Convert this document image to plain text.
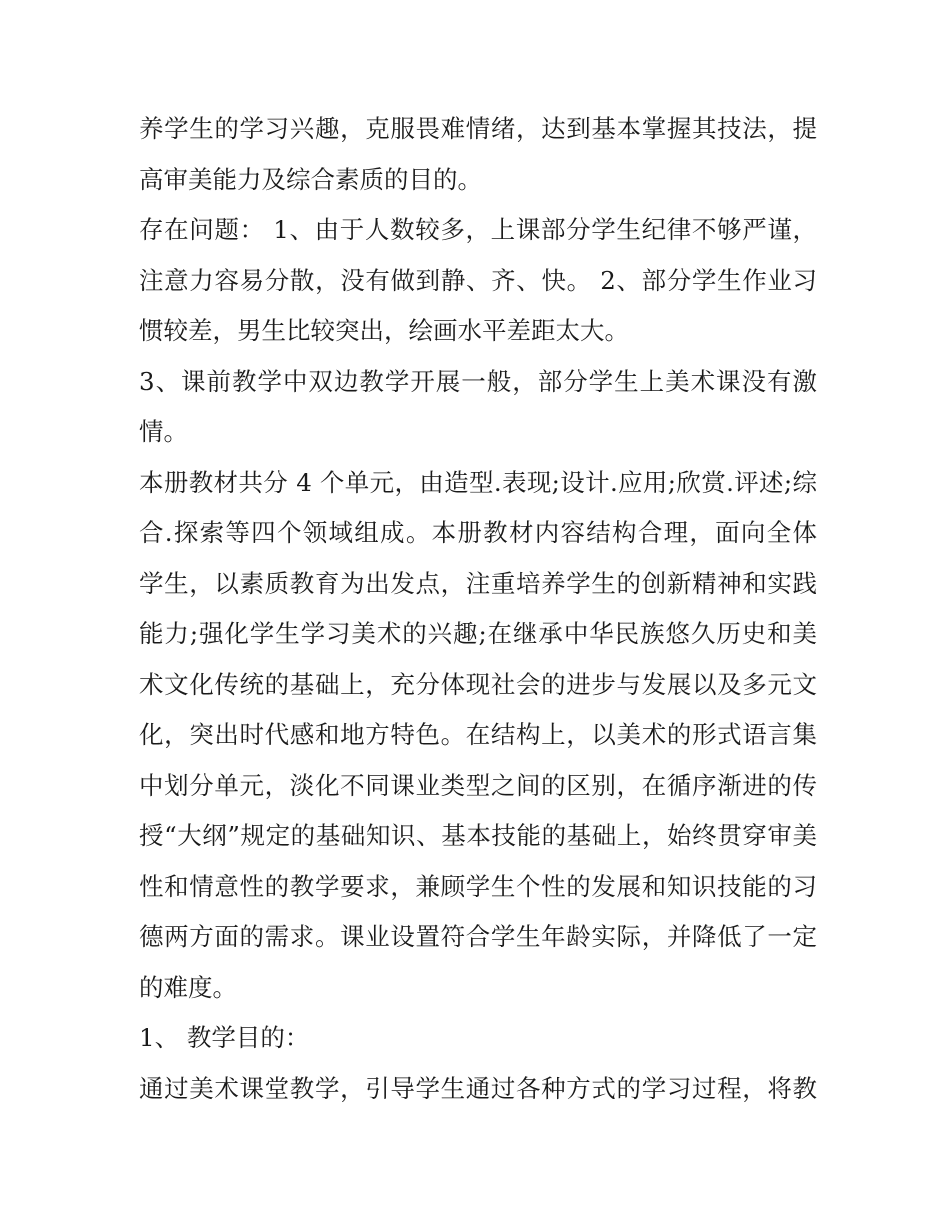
养学生的学习兴趣，克服畏难情绪，达到基本掌握其技法，提
高审美能力及综合素质的目的。
存在问题： 1、由于人数较多，上课部分学生纪律不够严谨，
注意力容易分散，没有做到静、齐、快。 2、部分学生作业习
惯较差，男生比较突出，绘画水平差距太大。
3、课前教学中双边教学开展一般，部分学生上美术课没有激
情。
本册教材共分 4 个单元，由造型.表现;设计.应用;欣赏.评述;综
合.探索等四个领域组成。本册教材内容结构合理，面向全体
学生，以素质教育为出发点，注重培养学生的创新精神和实践
能力;强化学生学习美术的兴趣;在继承中华民族悠久历史和美
术文化传统的基础上，充分体现社会的进步与发展以及多元文
化，突出时代感和地方特色。在结构上，以美术的形式语言集
中划分单元，淡化不同课业类型之间的区别，在循序渐进的传
授“大纲”规定的基础知识、基本技能的基础上，始终贯穿审美
性和情意性的教学要求，兼顾学生个性的发展和知识技能的习
德两方面的需求。课业设置符合学生年龄实际，并降低了一定
的难度。
1、 教学目的：
通过美术课堂教学，引导学生通过各种方式的学习过程，将教
